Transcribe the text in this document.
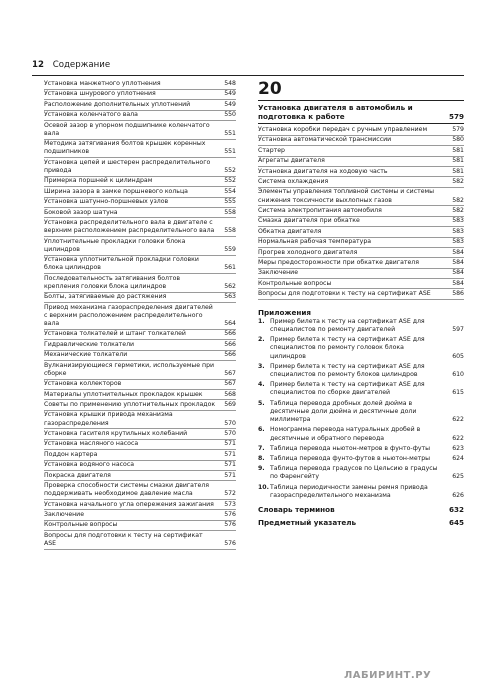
12 Содержание
Установка манжетного уплотнения	548
Установка шнурового уплотнения	549
Расположение дополнительных уплотнений	549
Установка коленчатого вала	550
Осевой зазор в упорном подшипнике коленчатого вала	551
Методика затягивания болтов крышек коренных подшипников	551
Установка цепей и шестерен распределительного привода	552
Примерка поршней к цилиндрам	552
Ширина зазора в замке поршневого кольца	554
Установка шатунно-поршневых узлов	555
Боковой зазор шатуна	558
Установка распределительного вала в двигателе с верхним расположением распределительного вала	558
Уплотнительные прокладки головки блока цилиндров	559
Установка уплотнительной прокладки головки блока цилиндров	561
Последовательность затягивания болтов крепления головки блока цилиндров	562
Болты, затягиваемые до растяжения	563
Привод механизма газораспределения двигателей с верхним расположением распределительного вала	564
Установка толкателей и штанг толкателей	566
Гидравлические толкатели	566
Механические толкатели	566
Вулканизирующиеся герметики, используемые при сборке	567
Установка коллекторов	567
Материалы уплотнительных прокладок крышек	568
Советы по применению уплотнительных прокладок	569
Установка крышки привода механизма газораспределения	570
Установка гасителя крутильных колебаний	570
Установка масляного насоса	571
Поддон картера	571
Установка водяного насоса	571
Покраска двигателя	571
Проверка способности системы смазки двигателя поддерживать необходимое давление масла	572
Установка начального угла опережения зажигания	573
Заключение	576
Контрольные вопросы	576
Вопросы для подготовки к тесту на сертификат ASE	576
20
Установка двигателя в автомобиль и подготовка к работе	579
Установка коробки передач с ручным управлением	579
Установка автоматической трансмиссии	580
Стартер	581
Агрегаты двигателя	581
Установка двигателя на ходовую часть	581
Система охлаждения	582
Элементы управления топливной системы и системы снижения токсичности выхлопных газов	582
Система электропитания автомобиля	582
Смазка двигателя при обкатке	583
Обкатка двигателя	583
Нормальная рабочая температура	583
Прогрев холодного двигателя	584
Меры предосторожности при обкатке двигателя	584
Заключение	584
Контрольные вопросы	584
Вопросы для подготовки к тесту на сертификат ASE	586
Приложения
1. Пример билета к тесту на сертификат ASE для специалистов по ремонту двигателей	597
2. Пример билета к тесту на сертификат ASE для специалистов по ремонту головок блока цилиндров	605
3. Пример билета к тесту на сертификат ASE для специалистов по ремонту блоков цилиндров	610
4. Пример билета к тесту на сертификат ASE для специалистов по сборке двигателей	615
5. Таблица перевода дробных долей дюйма в десятичные доли дюйма и десятичные доли миллиметра	622
6. Номограмма перевода натуральных дробей в десятичные и обратного перевода	622
7. Таблица перевода ньютон-метров в фунто-футы	623
8. Таблица перевода фунто-футов в ньютон-метры	624
9. Таблица перевода градусов по Цельсию в градусы по Фаренгейту	625
10. Таблица периодичности замены ремня привода газораспределительного механизма	626
Словарь терминов	632
Предметный указатель	645
ЛАБИРИНТ.РУ
